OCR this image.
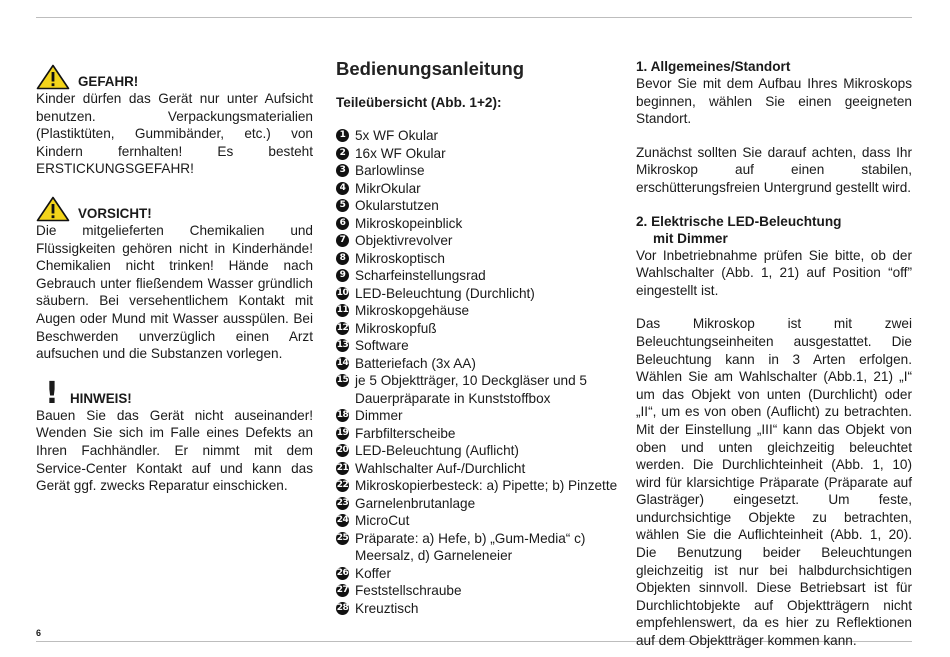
GEFAHR!

Kinder dürfen das Gerät nur unter Aufsicht benutzen. Verpackungsmaterialien (Plastiktüten, Gummibänder, etc.) von Kindern fernhalten! Es besteht ERSTICKUNGSGEFAHR!

VORSICHT!

Die mitgelieferten Chemikalien und Flüssigkeiten gehören nicht in Kinderhände! Chemikalien nicht trinken! Hände nach Gebrauch unter fließendem Wasser gründlich säubern. Bei versehentlichem Kontakt mit Augen oder Mund mit Wasser ausspülen. Bei Beschwerden unverzüglich einen Arzt aufsuchen und die Substanzen vorlegen.

! HINWEIS!

Bauen Sie das Gerät nicht auseinander! Wenden Sie sich im Falle eines Defekts an Ihren Fachhändler. Er nimmt mit dem Service-Center Kontakt auf und kann das Gerät ggf. zwecks Reparatur einschicken.

Bedienungsanleitung
Teileübersicht (Abb. 1+2):
1 5x WF Okular
2 16x WF Okular
3 Barlowlinse
4 MikrOkular
5 Okularstutzen
6 Mikroskopeinblick
7 Objektivrevolver
8 Mikroskoptisch
9 Scharfeinstellungsrad
10 LED-Beleuchtung (Durchlicht)
11 Mikroskopgehäuse
12 Mikroskopfuß
13 Software
14 Batteriefach (3x AA)
15 je 5 Objektträger, 10 Deckgläser und 5 Dauerpräparate in Kunststoffbox
18 Dimmer
19 Farbfilterscheibe
20 LED-Beleuchtung (Auflicht)
21 Wahlschalter Auf-/Durchlicht
22 Mikroskopierbesteck: a) Pipette; b) Pinzette
23 Garnelenbrutanlage
24 MicroCut
25 Präparate: a) Hefe, b) „Gum-Media“ c) Meersalz, d) Garneleneier
26 Koffer
27 Feststellschraube
28 Kreuztisch

1. Allgemeines/Standort

Bevor Sie mit dem Aufbau Ihres Mikroskops beginnen, wählen Sie einen geeigneten Standort.

Zunächst sollten Sie darauf achten, dass Ihr Mikroskop auf einen stabilen, erschütterungsfreien Untergrund gestellt wird.

2. Elektrische LED-Beleuchtung

mit Dimmer

Vor Inbetriebnahme prüfen Sie bitte, ob der Wahlschalter (Abb. 1, 21) auf Position “off” eingestellt ist.

Das Mikroskop ist mit zwei Beleuchtungseinheiten ausgestattet. Die Beleuchtung kann in 3 Arten erfolgen. Wählen Sie am Wahlschalter (Abb.1, 21) „I“ um das Objekt von unten (Durchlicht) oder „II“, um es von oben (Auflicht) zu betrachten. Mit der Einstellung „III“ kann das Objekt von oben und unten gleichzeitig beleuchtet werden. Die Durchlichteinheit (Abb. 1, 10) wird für klarsichtige Präparate (Präparate auf Glasträger) eingesetzt. Um feste, undurchsichtige Objekte zu betrachten, wählen Sie die Auflichteinheit (Abb. 1, 20). Die Benutzung beider Beleuchtungen gleichzeitig ist nur bei halbdurchsichtigen Objekten sinnvoll. Diese Betriebsart ist für Durchlichtobjekte auf Objektträgern nicht empfehlenswert, da es hier zu Reflektionen auf dem Objektträger kommen kann.

6
